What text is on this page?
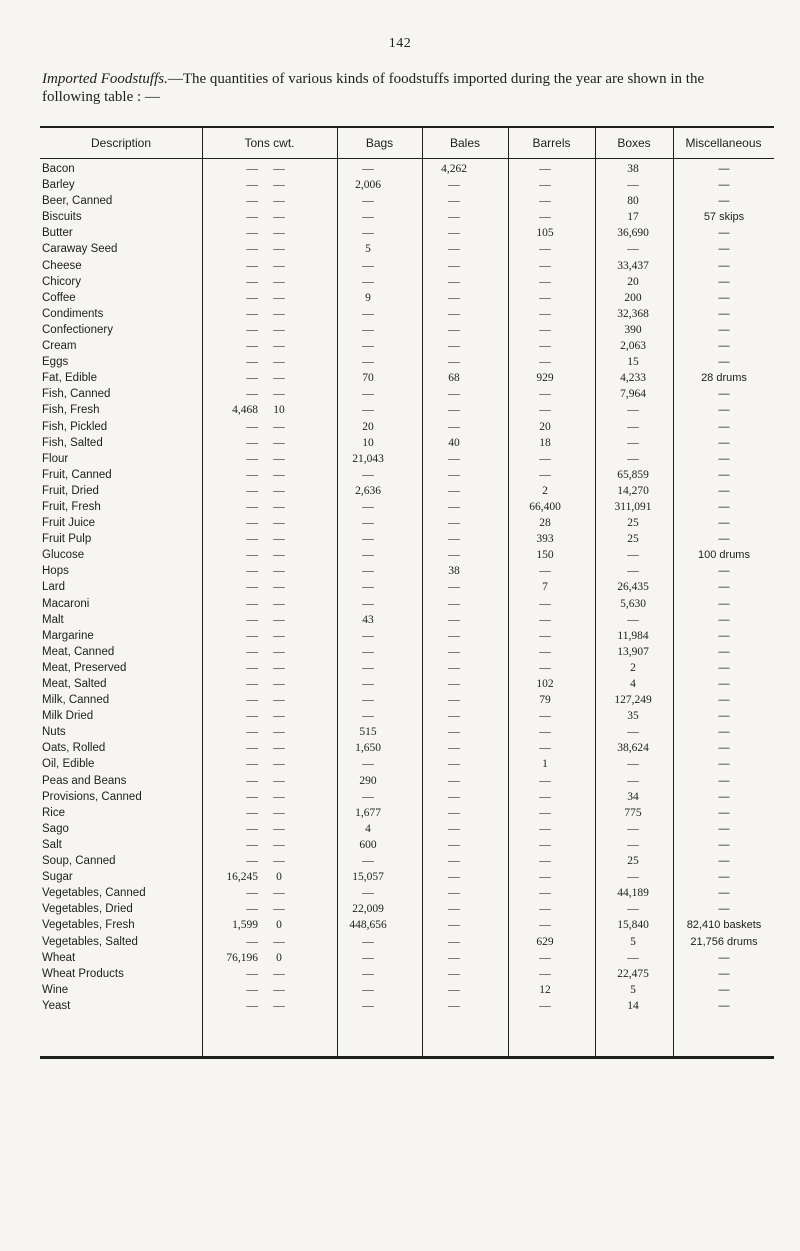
142
Imported Foodstuffs.—The quantities of various kinds of foodstuffs imported during the year are shown in the following table : —
Description	Tons cwt.	Bags	Bales	Barrels	Boxes	Miscellaneous
Bacon	—	—	—	4,262	—	38	—
Barley	—	—	2,006	—	—	—	—
Beer, Canned	—	—	—	—	—	80	—
Biscuits	—	—	—	—	—	17	57 skips
Butter	—	—	—	—	105	36,690	—
Caraway Seed	—	—	5	—	—	—	—
Cheese	—	—	—	—	—	33,437	—
Chicory	—	—	—	—	—	20	—
Coffee	—	—	9	—	—	200	—
Condiments	—	—	—	—	—	32,368	—
Confectionery	—	—	—	—	—	390	—
Cream	—	—	—	—	—	2,063	—
Eggs	—	—	—	—	—	15	—
Fat, Edible	—	—	70	68	929	4,233	28 drums
Fish, Canned	—	—	—	—	—	7,964	—
Fish, Fresh	4,468	10	—	—	—	—	—
Fish, Pickled	—	—	20	—	20	—	—
Fish, Salted	—	—	10	40	18	—	—
Flour	—	—	21,043	—	—	—	—
Fruit, Canned	—	—	—	—	—	65,859	—
Fruit, Dried	—	—	2,636	—	2	14,270	—
Fruit, Fresh	—	—	—	—	66,400	311,091	—
Fruit Juice	—	—	—	—	28	25	—
Fruit Pulp	—	—	—	—	393	25	—
Glucose	—	—	—	—	150	—	100 drums
Hops	—	—	—	38	—	—	—
Lard	—	—	—	—	7	26,435	—
Macaroni	—	—	—	—	—	5,630	—
Malt	—	—	43	—	—	—	—
Margarine	—	—	—	—	—	11,984	—
Meat, Canned	—	—	—	—	—	13,907	—
Meat, Preserved	—	—	—	—	—	2	—
Meat, Salted	—	—	—	—	102	4	—
Milk, Canned	—	—	—	—	79	127,249	—
Milk Dried	—	—	—	—	—	35	—
Nuts	—	—	515	—	—	—	—
Oats, Rolled	—	—	1,650	—	—	38,624	—
Oil, Edible	—	—	—	—	1	—	—
Peas and Beans	—	—	290	—	—	—	—
Provisions, Canned	—	—	—	—	—	34	—
Rice	—	—	1,677	—	—	775	—
Sago	—	—	4	—	—	—	—
Salt	—	—	600	—	—	—	—
Soup, Canned	—	—	—	—	—	25	—
Sugar	16,245	0	15,057	—	—	—	—
Vegetables, Canned	—	—	—	—	—	44,189	—
Vegetables, Dried	—	—	22,009	—	—	—	—
Vegetables, Fresh	1,599	0	448,656	—	—	15,840	82,410 baskets
Vegetables, Salted	—	—	—	—	629	5	21,756 drums
Wheat	76,196	0	—	—	—	—	—
Wheat Products	—	—	—	—	—	22,475	—
Wine	—	—	—	—	12	5	—
Yeast	—	—	—	—	—	14	—
